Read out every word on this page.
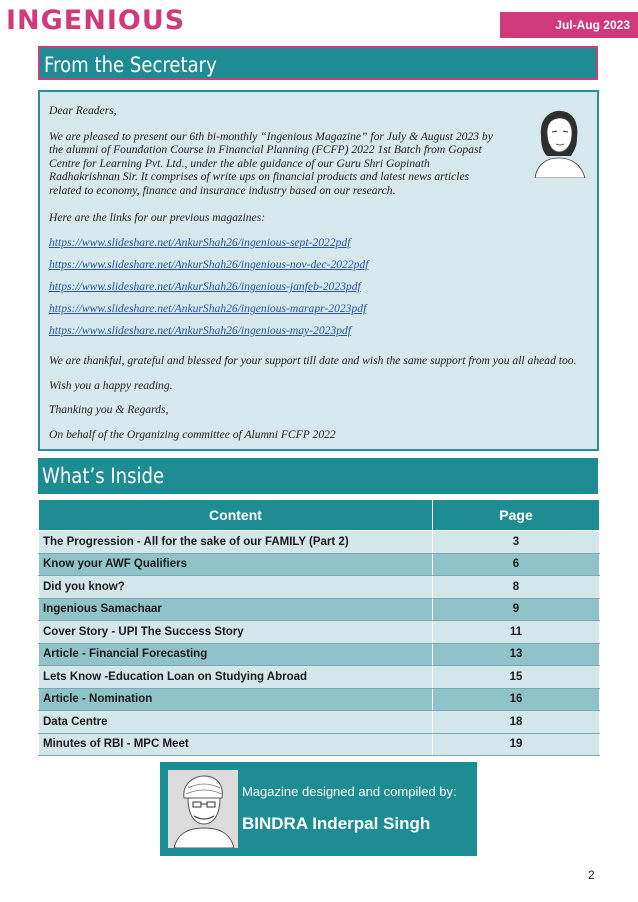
INGENIOUS	Jul-Aug 2023
From the Secretary

Dear Readers,

We are pleased to present our 6th bi-monthly “Ingenious Magazine” for July & August 2023 by the alumni of Foundation Course in Financial Planning (FCFP) 2022 1st Batch from Gopast Centre for Learning Pvt. Ltd., under the able guidance of our Guru Shri Gopinath Radhakrishnan Sir. It comprises of write ups on financial products and latest news articles related to economy, finance and insurance industry based on our research.

Here are the links for our previous magazines:

https://www.slideshare.net/AnkurShah26/ingenious-sept-2022pdf
https://www.slideshare.net/AnkurShah26/ingenious-nov-dec-2022pdf
https://www.slideshare.net/AnkurShah26/ingenious-janfeb-2023pdf
https://www.slideshare.net/AnkurShah26/ingenious-marapr-2023pdf
https://www.slideshare.net/AnkurShah26/ingenious-may-2023pdf

We are thankful, grateful and blessed for your support till date and wish the same support from you all ahead too.

Wish you a happy reading.

Thanking you & Regards,

On behalf of the Organizing committee of Alumni FCFP 2022

What’s Inside
Content	Page
The Progression - All for the sake of our FAMILY (Part 2)	3
Know your AWF Qualifiers	6
Did you know?	8
Ingenious Samachaar	9
Cover Story - UPI The Success Story	11
Article - Financial Forecasting	13
Lets Know -Education Loan on Studying Abroad	15
Article - Nomination	16
Data Centre	18
Minutes of RBI - MPC Meet	19
Magazine designed and compiled by:
BINDRA Inderpal Singh
2
